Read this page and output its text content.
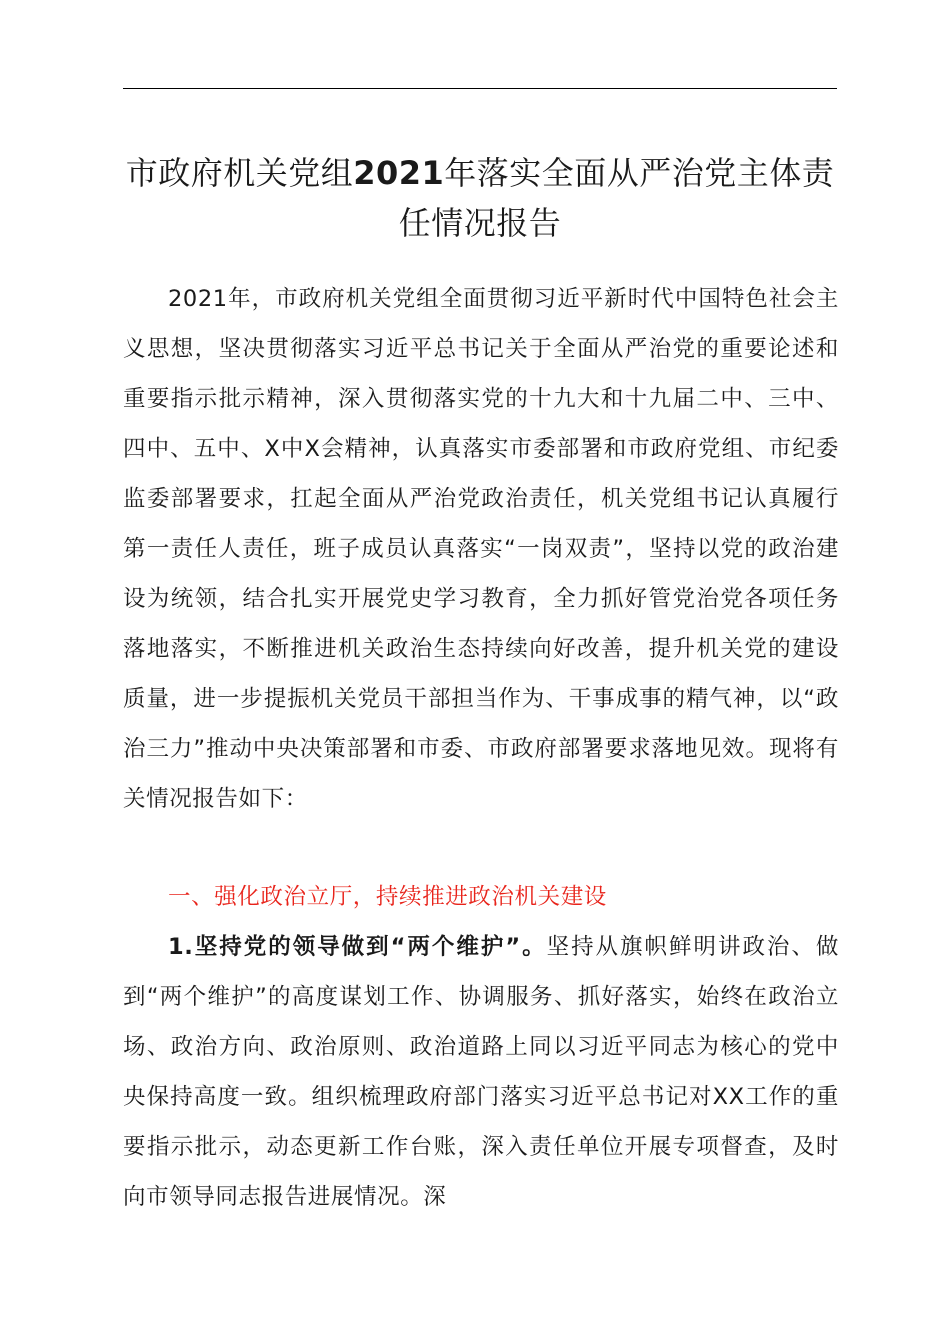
市政府机关党组2021年落实全面从严治党主体责任情况报告
2021年，市政府机关党组全面贯彻习近平新时代中国特色社会主义思想，坚决贯彻落实习近平总书记关于全面从严治党的重要论述和重要指示批示精神，深入贯彻落实党的十九大和十九届二中、三中、四中、五中、X中X会精神，认真落实市委部署和市政府党组、市纪委监委部署要求，扛起全面从严治党政治责任，机关党组书记认真履行第一责任人责任，班子成员认真落实“一岗双责”，坚持以党的政治建设为统领，结合扎实开展党史学习教育，全力抓好管党治党各项任务落地落实，不断推进机关政治生态持续向好改善，提升机关党的建设质量，进一步提振机关党员干部担当作为、干事成事的精气神，以“政治三力”推动中央决策部署和市委、市政府部署要求落地见效。现将有关情况报告如下：
一、强化政治立厅，持续推进政治机关建设
1.坚持党的领导做到“两个维护”。坚持从旗帜鲜明讲政治、做到“两个维护”的高度谋划工作、协调服务、抓好落实，始终在政治立场、政治方向、政治原则、政治道路上同以习近平同志为核心的党中央保持高度一致。组织梳理政府部门落实习近平总书记对XX工作的重要指示批示，动态更新工作台账，深入责任单位开展专项督查，及时向市领导同志报告进展情况。深
